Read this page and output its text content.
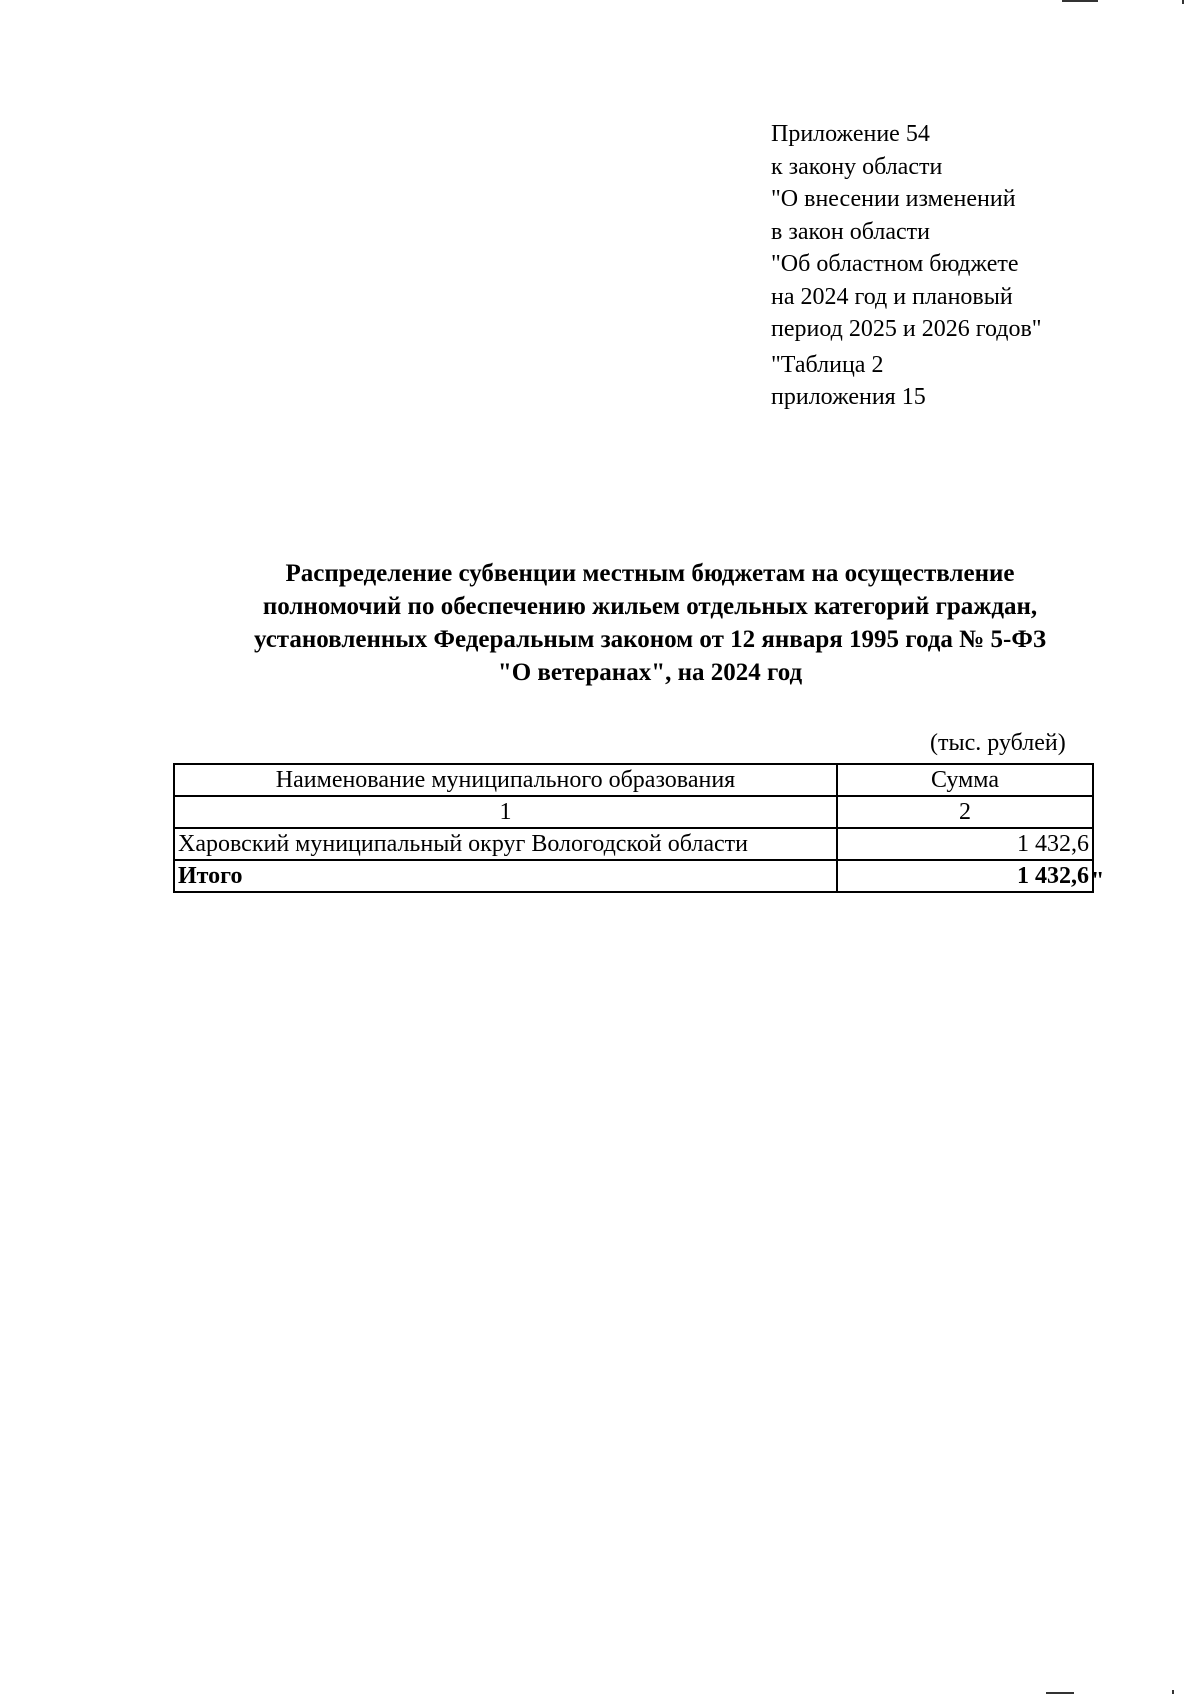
Приложение 54
к закону области
"О внесении изменений
в закон области
"Об областном бюджете
на 2024 год и плановый
период 2025 и 2026 годов"
"Таблица 2
приложения 15
Распределение субвенции местным бюджетам на осуществление
полномочий по обеспечению жильем отдельных категорий граждан,
установленных Федеральным законом от 12 января 1995 года № 5-ФЗ
"О ветеранах", на 2024 год
(тыс. рублей)
Наименование муниципального образования	Сумма
1	2
Харовский муниципальный округ Вологодской области	1 432,6
Итого	1 432,6 "
